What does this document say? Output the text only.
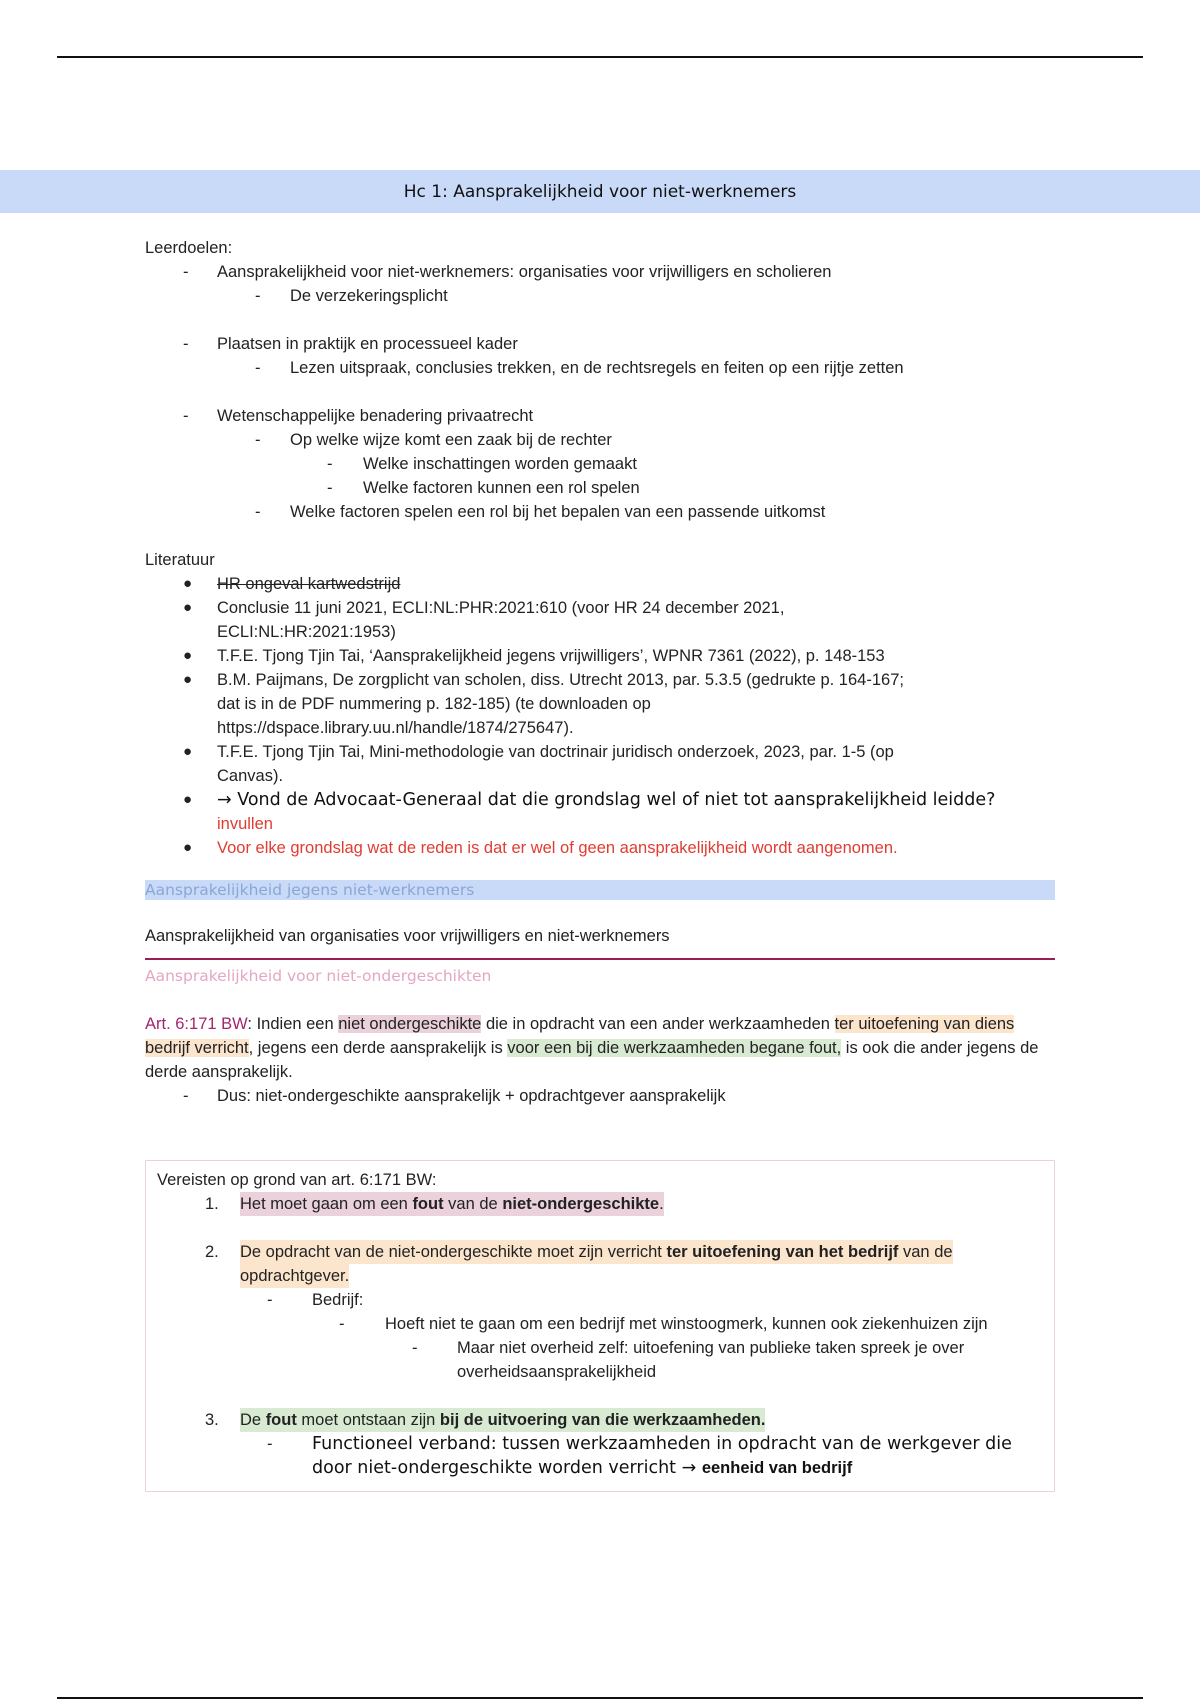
Hc 1: Aansprakelijkheid voor niet-werknemers
Leerdoelen:
- Aansprakelijkheid voor niet-werknemers: organisaties voor vrijwilligers en scholieren
- De verzekeringsplicht
- Plaatsen in praktijk en processueel kader
- Lezen uitspraak, conclusies trekken, en de rechtsregels en feiten op een rijtje zetten
- Wetenschappelijke benadering privaatrecht
- Op welke wijze komt een zaak bij de rechter
- Welke inschattingen worden gemaakt
- Welke factoren kunnen een rol spelen
- Welke factoren spelen een rol bij het bepalen van een passende uitkomst
Literatuur
● HR ongeval kartwedstrijd
● Conclusie 11 juni 2021, ECLI:NL:PHR:2021:610 (voor HR 24 december 2021,
ECLI:NL:HR:2021:1953)
● T.F.E. Tjong Tjin Tai, ‘Aansprakelijkheid jegens vrijwilligers’, WPNR 7361 (2022), p. 148-153
● B.M. Paijmans, De zorgplicht van scholen, diss. Utrecht 2013, par. 5.3.5 (gedrukte p. 164-167;
dat is in de PDF nummering p. 182-185) (te downloaden op
https://dspace.library.uu.nl/handle/1874/275647).
● T.F.E. Tjong Tjin Tai, Mini-methodologie van doctrinair juridisch onderzoek, 2023, par. 1-5 (op
Canvas).
● → Vond de Advocaat-Generaal dat die grondslag wel of niet tot aansprakelijkheid leidde?
invullen
● Voor elke grondslag wat de reden is dat er wel of geen aansprakelijkheid wordt aangenomen.
Aansprakelijkheid jegens niet-werknemers
Aansprakelijkheid van organisaties voor vrijwilligers en niet-werknemers
Aansprakelijkheid voor niet-ondergeschikten
Art. 6:171 BW: Indien een niet ondergeschikte die in opdracht van een ander werkzaamheden ter uitoefening van diens bedrijf verricht, jegens een derde aansprakelijk is voor een bij die werkzaamheden begane fout, is ook die ander jegens de derde aansprakelijk.
- Dus: niet-ondergeschikte aansprakelijk + opdrachtgever aansprakelijk
Vereisten op grond van art. 6:171 BW:
1. Het moet gaan om een fout van de niet-ondergeschikte.
2. De opdracht van de niet-ondergeschikte moet zijn verricht ter uitoefening van het bedrijf van de
opdrachtgever.
- Bedrijf:
- Hoeft niet te gaan om een bedrijf met winstoogmerk, kunnen ook ziekenhuizen zijn
- Maar niet overheid zelf: uitoefening van publieke taken spreek je over
overheidsaansprakelijkheid
3. De fout moet ontstaan zijn bij de uitvoering van die werkzaamheden.
- Functioneel verband: tussen werkzaamheden in opdracht van de werkgever die
door niet-ondergeschikte worden verricht → eenheid van bedrijf
